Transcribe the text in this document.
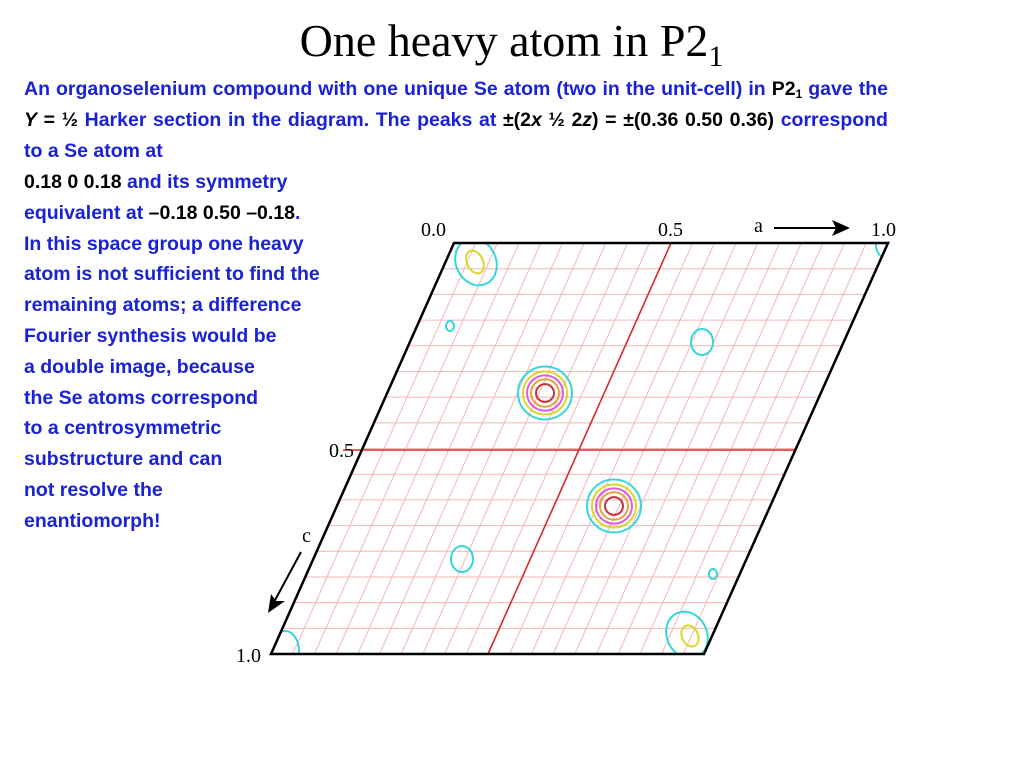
One heavy atom in $P2_1$
An organoselenium compound with one unique Se atom (two in the unit-cell) in $P2_1$ gave the Y = ½ Harker section in the diagram. The peaks at ±(2x ½ 2z) = ±(0.36 0.50 0.36) correspond to a Se atom at
0.18 0 0.18 and its symmetry
equivalent at –0.18 0.50 –0.18.
In this space group one heavy
atom is not sufficient to find the
remaining atoms; a difference
Fourier synthesis would be
a double image, because
the Se atoms correspond
to a centrosymmetric
substructure and can
not resolve the
enantiomorph!
0.0	0.5	a	1.0
0.5
c
1.0
